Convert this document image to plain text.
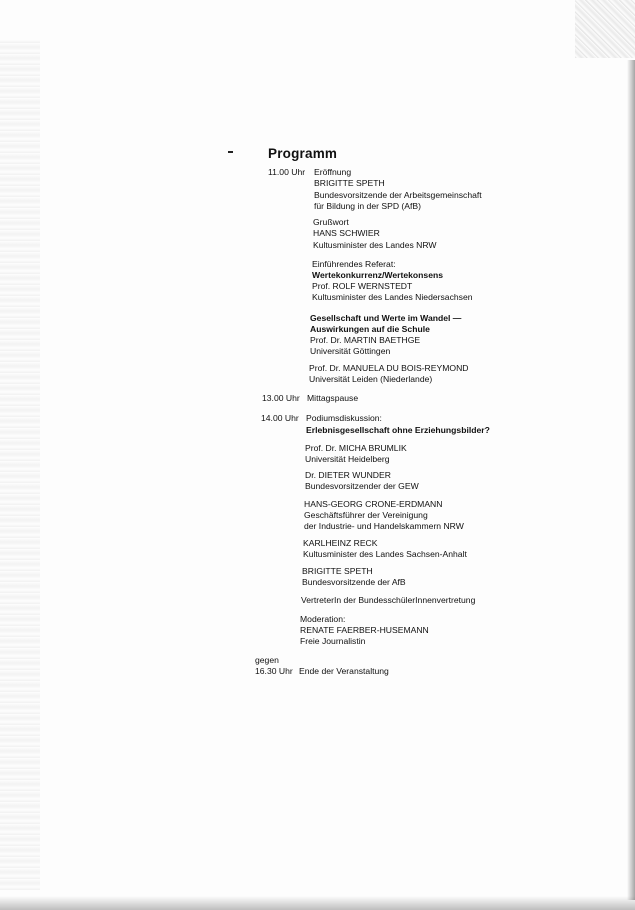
Programm
11.00 Uhr Eröffnung
BRIGITTE SPETH
Bundesvorsitzende der Arbeitsgemeinschaft
für Bildung in der SPD (AfB)
Grußwort
HANS SCHWIER
Kultusminister des Landes NRW
Einführendes Referat:
Wertekonkurrenz/Wertekonsens
Prof. ROLF WERNSTEDT
Kultusminister des Landes Niedersachsen
Gesellschaft und Werte im Wandel —
Auswirkungen auf die Schule
Prof. Dr. MARTIN BAETHGE
Universität Göttingen
Prof. Dr. MANUELA DU BOIS-REYMOND
Universität Leiden (Niederlande)
13.00 Uhr Mittagspause
14.00 Uhr Podiumsdiskussion:
Erlebnisgesellschaft ohne Erziehungsbilder?
Prof. Dr. MICHA BRUMLIK
Universität Heidelberg
Dr. DIETER WUNDER
Bundesvorsitzender der GEW
HANS-GEORG CRONE-ERDMANN
Geschäftsführer der Vereinigung
der Industrie- und Handelskammern NRW
KARLHEINZ RECK
Kultusminister des Landes Sachsen-Anhalt
BRIGITTE SPETH
Bundesvorsitzende der AfB
VertreterIn der BundesschülerInnenvertretung
Moderation:
RENATE FAERBER-HUSEMANN
Freie Journalistin
gegen
16.30 Uhr Ende der Veranstaltung
